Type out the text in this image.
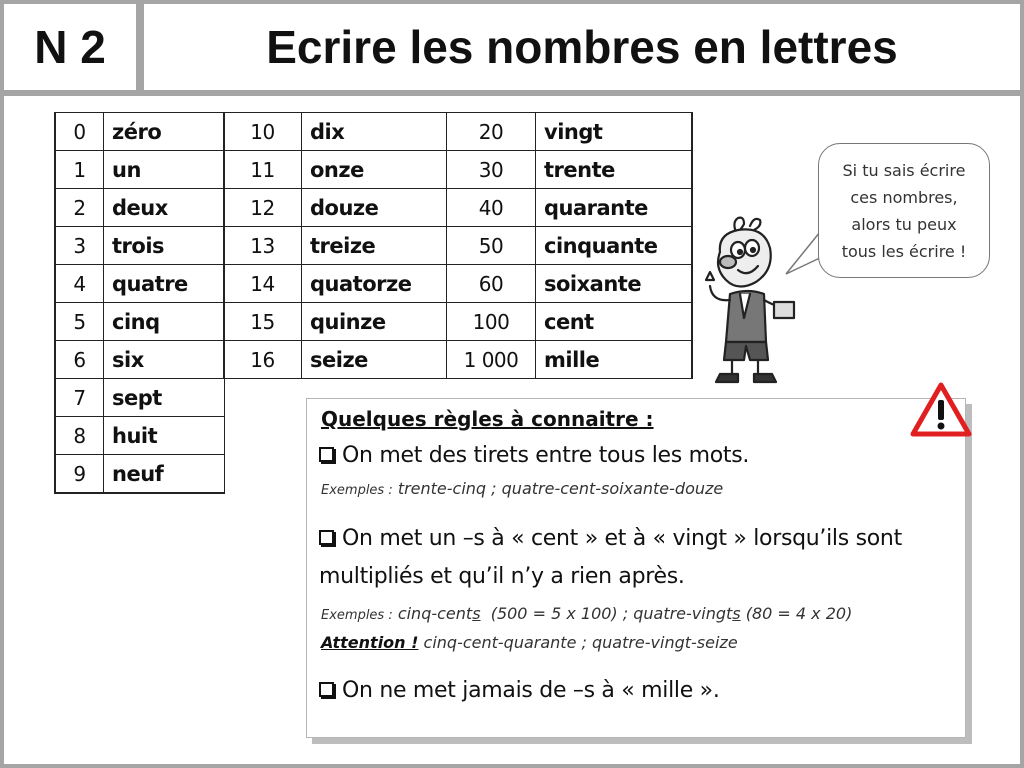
N 2	Ecrire les nombres en lettres
0	zéro
1	un
2	deux
3	trois
4	quatre
5	cinq
6	six
7	sept
8	huit
9	neuf
10	dix
11	onze
12	douze
13	treize
14	quatorze
15	quinze
16	seize
20	vingt
30	trente
40	quarante
50	cinquante
60	soixante
100	cent
1 000	mille
Si tu sais écrire
ces nombres,
alors tu peux
tous les écrire !
Quelques règles à connaitre :

On met des tirets entre tous les mots.

Exemples : trente-cinq ; quatre-cent-soixante-douze

On met un –s à « cent » et à « vingt » lorsqu’ils sont

multipliés et qu’il n’y a rien après.

Exemples : cinq-cents  (500 = 5 x 100) ; quatre-vingts (80 = 4 x 20)

Attention ! cinq-cent-quarante ; quatre-vingt-seize

On ne met jamais de –s à « mille ».
